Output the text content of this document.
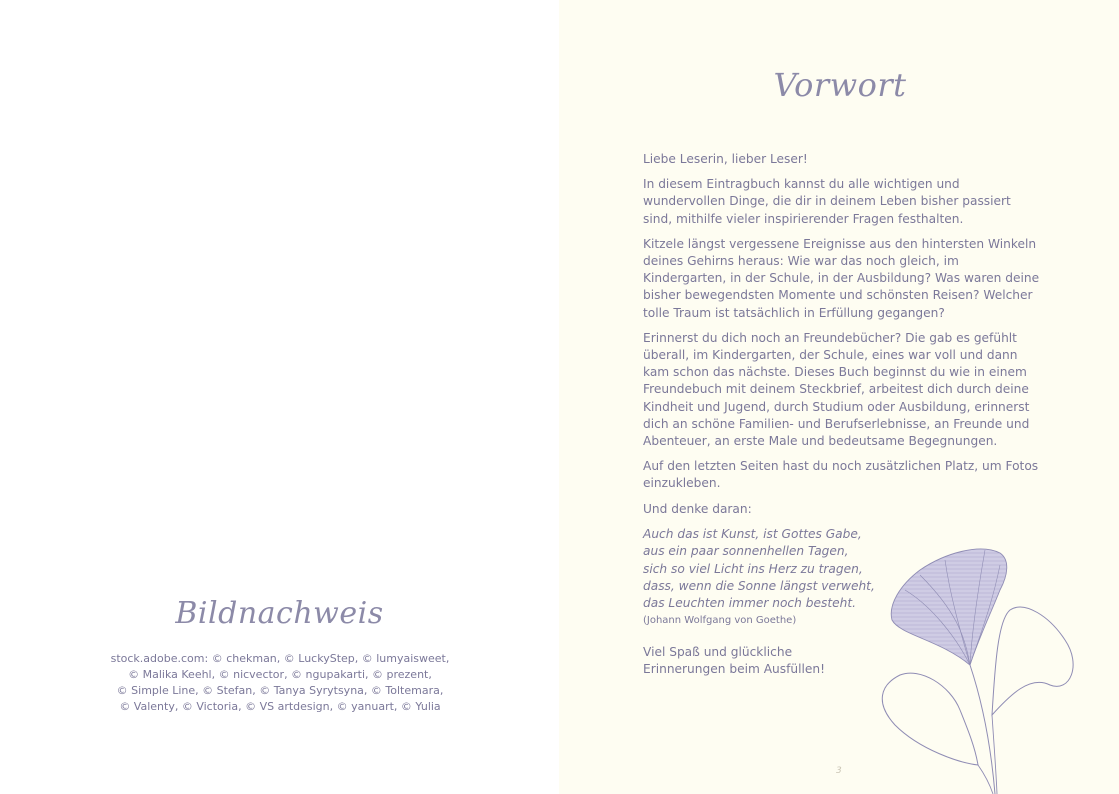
Bildnachweis
stock.adobe.com: © chekman, © LuckyStep, © lumyaisweet,
© Malika Keehl, © nicvector, © ngupakarti, © prezent,
© Simple Line, © Stefan, © Tanya Syrytsyna, © Toltemara,
© Valenty, © Victoria, © VS artdesign, © yanuart, © Yulia
Vorwort

Liebe Leserin, lieber Leser!

In diesem Eintragbuch kannst du alle wichtigen und wundervollen Dinge, die dir in deinem Leben bisher passiert sind, mithilfe vieler inspirierender Fragen festhalten.

Kitzele längst vergessene Ereignisse aus den hintersten Winkeln deines Gehirns heraus: Wie war das noch gleich, im Kindergarten, in der Schule, in der Ausbildung? Was waren deine bisher bewegendsten Momente und schönsten Reisen? Welcher tolle Traum ist tatsächlich in Erfüllung gegangen?

Erinnerst du dich noch an Freundebücher? Die gab es gefühlt überall, im Kindergarten, der Schule, eines war voll und dann kam schon das nächste. Dieses Buch beginnst du wie in einem Freundebuch mit deinem Steckbrief, arbeitest dich durch deine Kindheit und Jugend, durch Studium oder Ausbildung, erinnerst dich an schöne Familien- und Berufserlebnisse, an Freunde und Abenteuer, an erste Male und bedeutsame Begegnungen.

Auf den letzten Seiten hast du noch zusätzlichen Platz, um Fotos einzukleben.

Und denke daran:

Auch das ist Kunst, ist Gottes Gabe,
aus ein paar sonnenhellen Tagen,
sich so viel Licht ins Herz zu tragen,
dass, wenn die Sonne längst verweht,
das Leuchten immer noch besteht.
(Johann Wolfgang von Goethe)
Viel Spaß und glückliche
Erinnerungen beim Ausfüllen!
3
